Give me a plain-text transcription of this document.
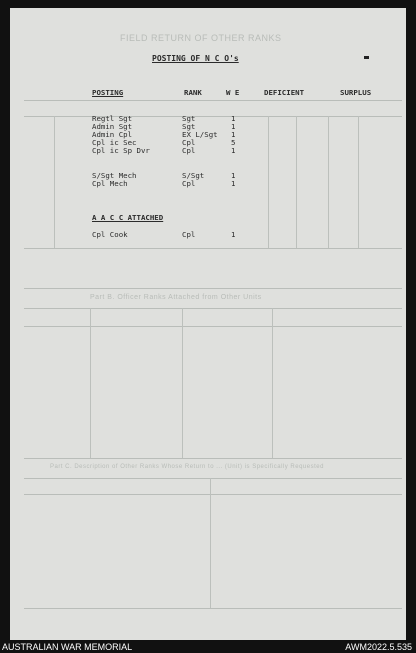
FIELD RETURN OF OTHER RANKS
Part B. Officer Ranks Attached from Other Units
Part C. Description of Other Ranks Whose Return to ... (Unit) is Specifically Requested
POSTING OF N C O's
POSTING	RANK	W E	DEFICIENT	SURPLUS
Regtl Sgt	Sgt	1
Admin Sgt	Sgt	1
Admin Cpl	EX L/Sgt 1
Cpl ic Sec	Cpl	5
Cpl ic Sp Dvr	Cpl	1
S/Sgt Mech	S/Sgt	1
Cpl Mech	Cpl	1
A A C C ATTACHED
Cpl Cook	Cpl	1
AUSTRALIAN WAR MEMORIAL	AWM2022.5.535
